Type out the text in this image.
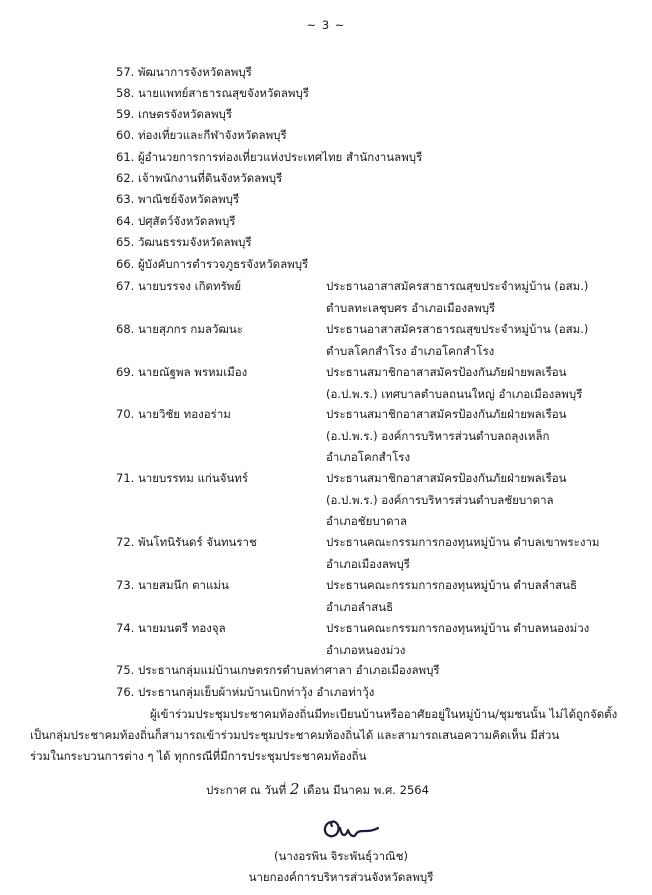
~ 3 ~
57. พัฒนาการจังหวัดลพบุรี
58. นายแพทย์สาธารณสุขจังหวัดลพบุรี
59. เกษตรจังหวัดลพบุรี
60. ท่องเที่ยวและกีฬาจังหวัดลพบุรี
61. ผู้อำนวยการการท่องเที่ยวแห่งประเทศไทย สำนักงานลพบุรี
62. เจ้าพนักงานที่ดินจังหวัดลพบุรี
63. พาณิชย์จังหวัดลพบุรี
64. ปศุสัตว์จังหวัดลพบุรี
65. วัฒนธรรมจังหวัดลพบุรี
66. ผู้บังคับการตำรวจภูธรจังหวัดลพบุรี
67. นายบรรจง เกิดทรัพย์	ประธานอาสาสมัครสาธารณสุขประจำหมู่บ้าน (อสม.)
ตำบลทะเลชุบศร อำเภอเมืองลพบุรี
68. นายสุภกร กมลวัฒนะ	ประธานอาสาสมัครสาธารณสุขประจำหมู่บ้าน (อสม.)
ตำบลโคกสำโรง อำเภอโคกสำโรง
69. นายณัฐพล พรหมเมือง	ประธานสมาชิกอาสาสมัครป้องกันภัยฝ่ายพลเรือน
(อ.ป.พ.ร.) เทศบาลตำบลถนนใหญ่ อำเภอเมืองลพบุรี
70. นายวิชัย ทองอร่าม	ประธานสมาชิกอาสาสมัครป้องกันภัยฝ่ายพลเรือน
(อ.ป.พ.ร.) องค์การบริหารส่วนตำบลถลุงเหล็ก
อำเภอโคกสำโรง
71. นายบรรทม แก่นจันทร์	ประธานสมาชิกอาสาสมัครป้องกันภัยฝ่ายพลเรือน
(อ.ป.พ.ร.) องค์การบริหารส่วนตำบลชัยบาดาล
อำเภอชัยบาดาล
72. พันโทนิรันดร์ จันทนราช	ประธานคณะกรรมการกองทุนหมู่บ้าน ตำบลเขาพระงาม
อำเภอเมืองลพบุรี
73. นายสมนึก ตาแม่น	ประธานคณะกรรมการกองทุนหมู่บ้าน ตำบลลำสนธิ
อำเภอลำสนธิ
74. นายมนตรี ทองจุล	ประธานคณะกรรมการกองทุนหมู่บ้าน ตำบลหนองม่วง
อำเภอหนองม่วง
75. ประธานกลุ่มแม่บ้านเกษตรกรตำบลท่าศาลา อำเภอเมืองลพบุรี
76. ประธานกลุ่มเย็บผ้าห่มบ้านเบิกท่าวุ้ง อำเภอท่าวุ้ง
ผู้เข้าร่วมประชุมประชาคมท้องถิ่นมีทะเบียนบ้านหรืออาศัยอยู่ในหมู่บ้าน/ชุมชนนั้น ไม่ได้ถูกจัดตั้ง
เป็นกลุ่มประชาคมท้องถิ่นก็สามารถเข้าร่วมประชุมประชาคมท้องถิ่นได้ และสามารถเสนอความคิดเห็น มีส่วน
ร่วมในกระบวนการต่าง ๆ ได้ ทุกกรณีที่มีการประชุมประชาคมท้องถิ่น
ประกาศ ณ วันที่ 2 เดือน มีนาคม พ.ศ. 2564
(นางอรพิน จิระพันธุ์วาณิช)
นายกองค์การบริหารส่วนจังหวัดลพบุรี
